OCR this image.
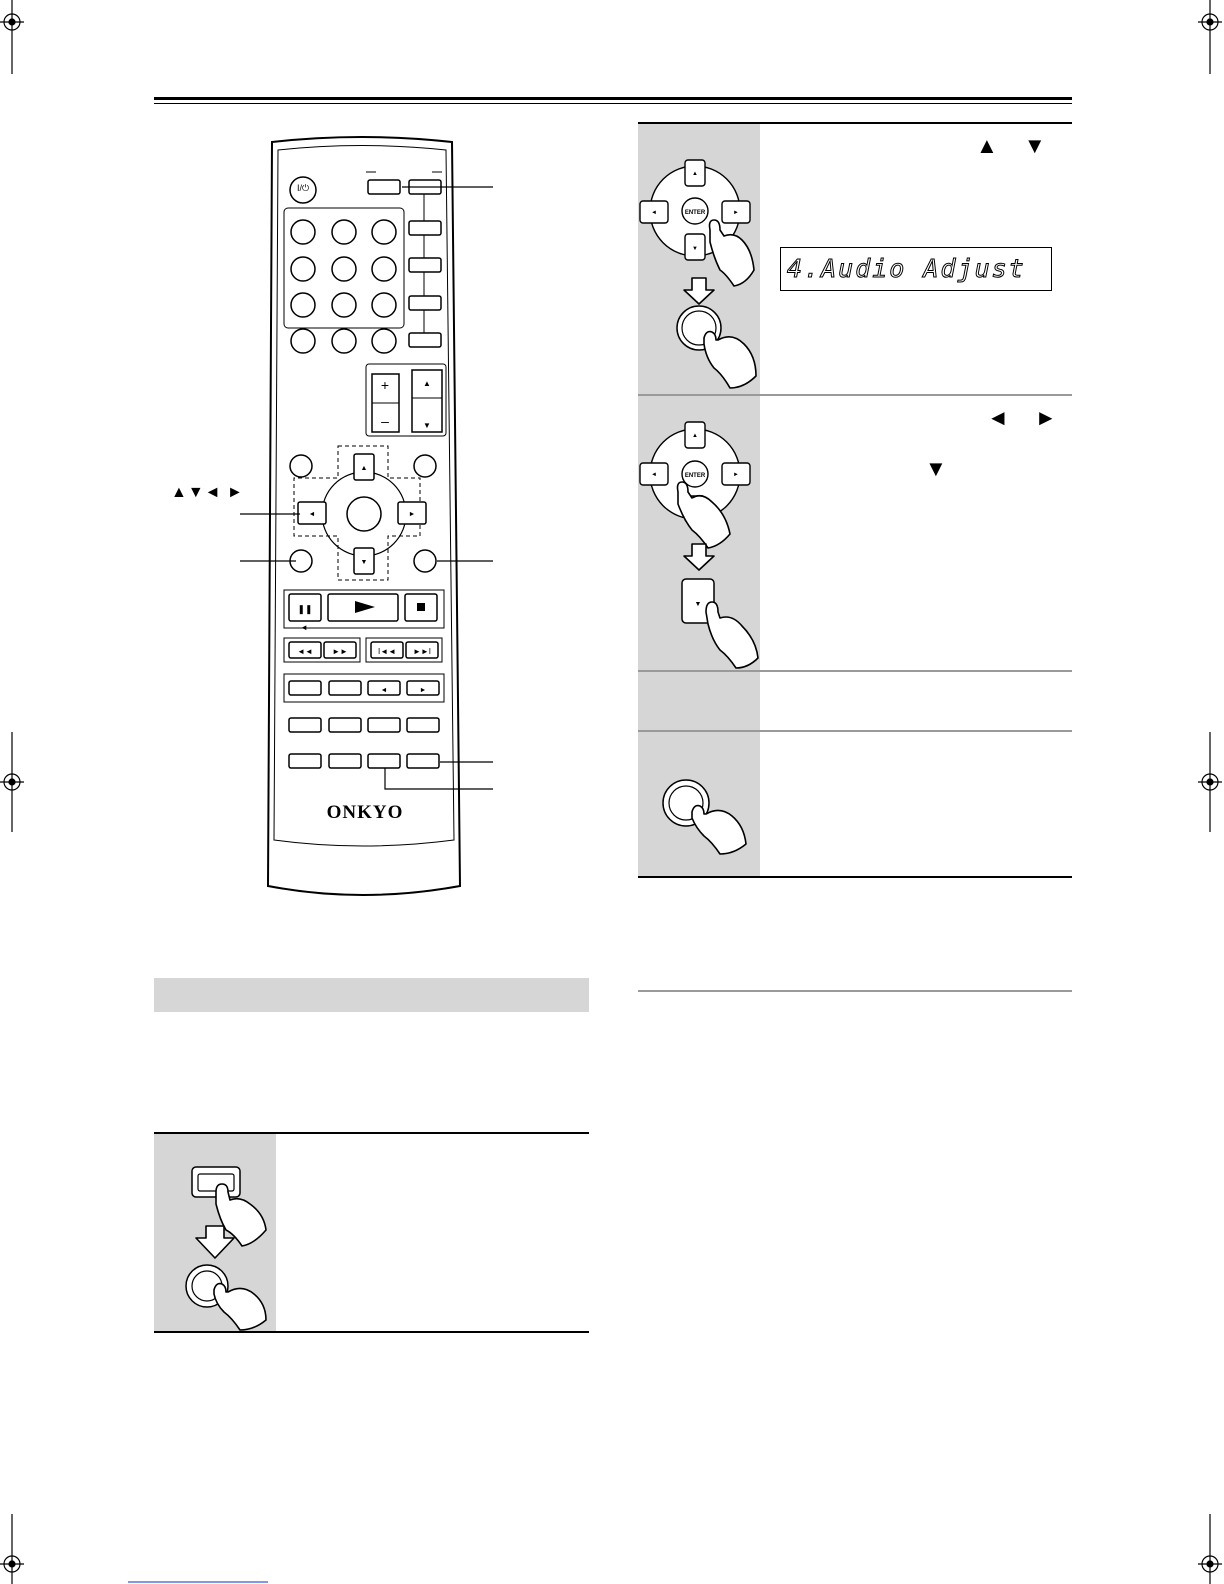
+
–
▲
▼
▲
▼
◄	►
❚❚
◄
◄◄ ►►	I◄◄ ►►I
◄	►
ONKYO
I/⏻
▲▼◄ ►
ENTER
▲
▼
◄	►
▲ ▼
4.Audio Adjust
ENTER
▲
◄	►
▼
◄ ►
▼
